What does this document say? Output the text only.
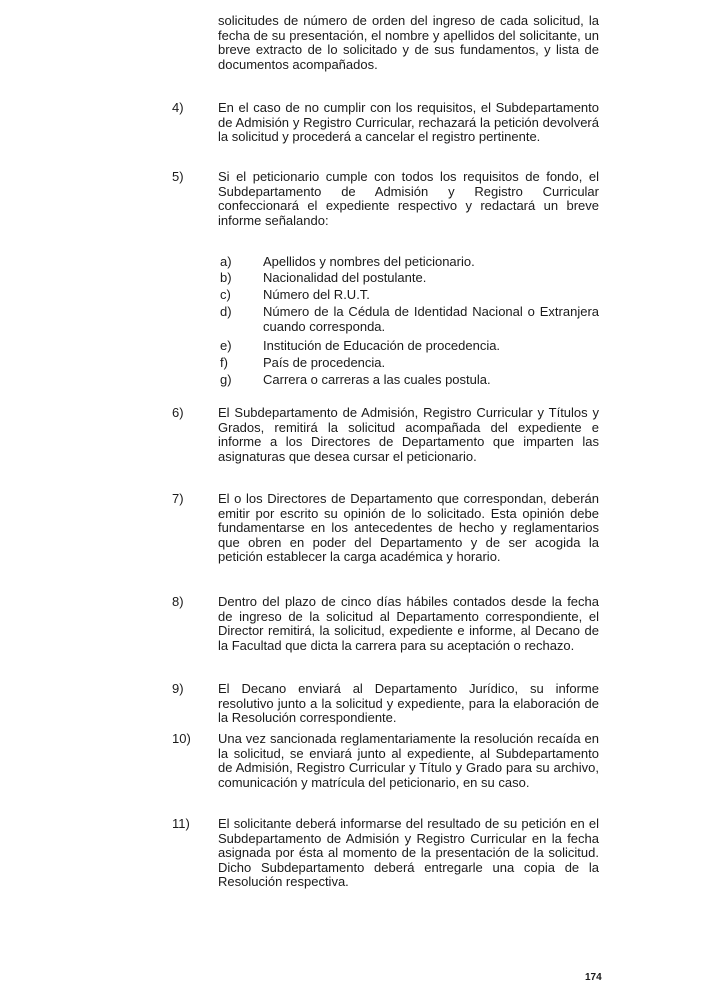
solicitudes de número de orden del ingreso de cada solicitud, la fecha de su presentación, el nombre y apellidos del solicitante, un breve extracto de lo solicitado y de sus fundamentos, y lista de documentos acompañados.

4)	En el caso de no cumplir con los requisitos, el Subdepartamento de Admisión y Registro Curricular, rechazará la petición devolverá la solicitud y procederá a cancelar el registro pertinente.

5)	Si el peticionario cumple con todos los requisitos de fondo, el Subdepartamento de Admisión y Registro Curricular confeccionará el expediente respectivo y redactará un breve informe señalando:

a) Apellidos y nombres del peticionario.

b) Nacionalidad del postulante.

c) Número del R.U.T.

d) Número de la Cédula de Identidad Nacional o Extranjera cuando corresponda.

e) Institución de Educación de procedencia.

f)	País de procedencia.

g) Carrera o carreras a las cuales postula.

6)	El Subdepartamento de Admisión, Registro Curricular y Títulos y Grados, remitirá la solicitud acompañada del expediente e informe a los Directores de Departamento que imparten las asignaturas que desea cursar el peticionario.

7)	El o los Directores de Departamento que correspondan, deberán emitir por escrito su opinión de lo solicitado. Esta opinión debe fundamentarse en los antecedentes de hecho y reglamentarios que obren en poder del Departamento y de ser acogida la petición establecer la carga académica y horario.

8)	Dentro del plazo de cinco días hábiles contados desde la fecha de ingreso de la solicitud al Departamento correspondiente, el Director remitirá, la solicitud, expediente e informe, al Decano de la Facultad que dicta la carrera para su aceptación o rechazo.

9)	El Decano enviará al Departamento Jurídico, su informe resolutivo junto a la solicitud y expediente, para la elaboración de la Resolución correspondiente.

10) Una vez sancionada reglamentariamente la resolución recaída en la solicitud, se enviará junto al expediente, al Subdepartamento de Admisión, Registro Curricular y Título y Grado para su archivo, comunicación y matrícula del peticionario, en su caso.

11) El solicitante deberá informarse del resultado de su petición en el Subdepartamento de Admisión y Registro Curricular en la fecha asignada por ésta al momento de la presentación de la solicitud. Dicho Subdepartamento deberá entregarle una copia de la Resolución respectiva.

174
